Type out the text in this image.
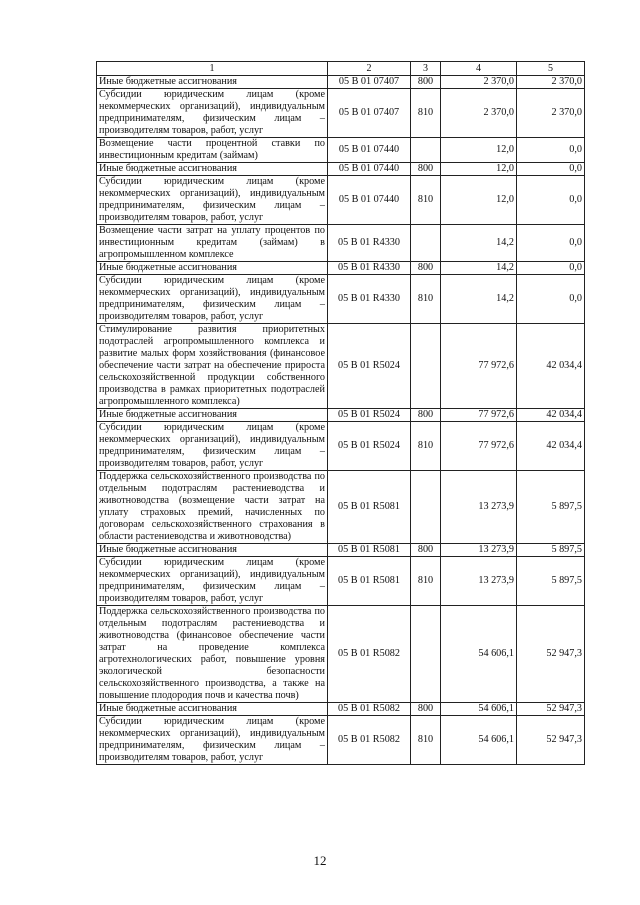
1	2	3	4	5
Иные бюджетные ассигнования	05 В 01 07407	800	2 370,0	2 370,0
Субсидии юридическим лицам (кроме некоммерческих организаций), индивидуальным предпринимателям, физическим лицам – производителям товаров, работ, услуг	05 В 01 07407	810	2 370,0	2 370,0
Возмещение части процентной ставки по инвестиционным кредитам (займам)	05 В 01 07440		12,0	0,0
Иные бюджетные ассигнования	05 В 01 07440	800	12,0	0,0
Субсидии юридическим лицам (кроме некоммерческих организаций), индивидуальным предпринимателям, физическим лицам – производителям товаров, работ, услуг	05 В 01 07440	810	12,0	0,0
Возмещение части затрат на уплату процентов по инвестиционным кредитам (займам) в агропромышленном комплексе	05 В 01 R4330		14,2	0,0
Иные бюджетные ассигнования	05 В 01 R4330	800	14,2	0,0
Субсидии юридическим лицам (кроме некоммерческих организаций), индивидуальным предпринимателям, физическим лицам – производителям товаров, работ, услуг	05 В 01 R4330	810	14,2	0,0
Стимулирование развития приоритетных подотраслей агропромышленного комплекса и развитие малых форм хозяйствования (финансовое обеспечение части затрат на обеспечение прироста сельскохозяйственной продукции собственного производства в рамках приоритетных подотраслей агропромышленного комплекса)	05 В 01 R5024		77 972,6	42 034,4
Иные бюджетные ассигнования	05 В 01 R5024	800	77 972,6	42 034,4
Субсидии юридическим лицам (кроме некоммерческих организаций), индивидуальным предпринимателям, физическим лицам – производителям товаров, работ, услуг	05 В 01 R5024	810	77 972,6	42 034,4
Поддержка сельскохозяйственного производства по отдельным подотраслям растениеводства и животноводства (возмещение части затрат на уплату страховых премий, начисленных по договорам сельскохозяйственного страхования в области растениеводства и животноводства)	05 В 01 R5081		13 273,9	5 897,5
Иные бюджетные ассигнования	05 В 01 R5081	800	13 273,9	5 897,5
Субсидии юридическим лицам (кроме некоммерческих организаций), индивидуальным предпринимателям, физическим лицам – производителям товаров, работ, услуг	05 В 01 R5081	810	13 273,9	5 897,5
Поддержка сельскохозяйственного производства по отдельным подотраслям растениеводства и животноводства (финансовое обеспечение части затрат на проведение комплекса агротехнологических работ, повышение уровня экологической безопасности сельскохозяйственного производства, а также на повышение плодородия почв и качества почв)	05 В 01 R5082		54 606,1	52 947,3
Иные бюджетные ассигнования	05 В 01 R5082	800	54 606,1	52 947,3
Субсидии юридическим лицам (кроме некоммерческих организаций), индивидуальным предпринимателям, физическим лицам – производителям товаров, работ, услуг	05 В 01 R5082	810	54 606,1	52 947,3
12
